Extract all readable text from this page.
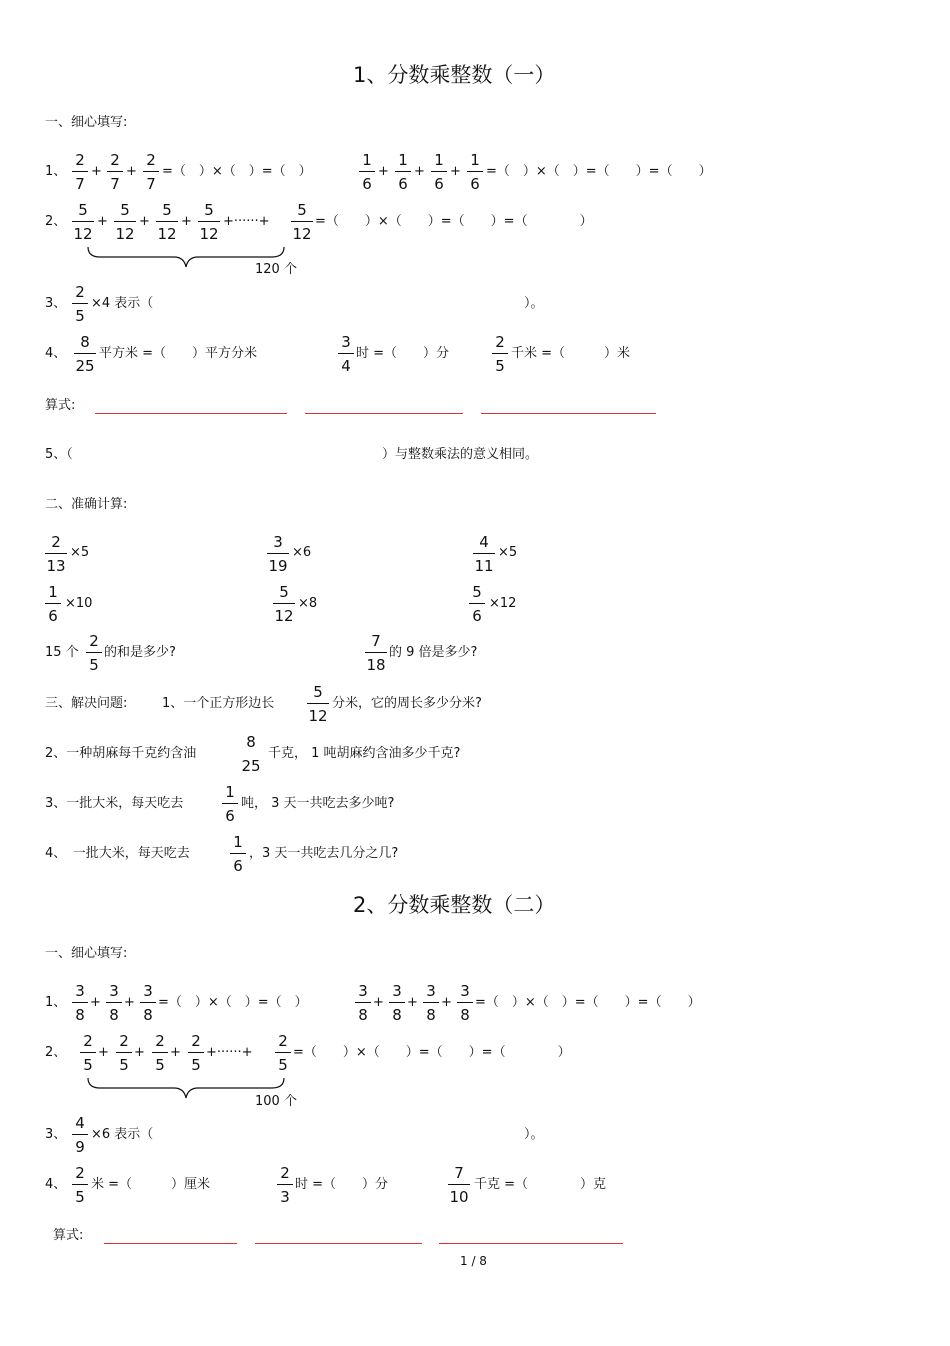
1、分数乘整数（一）
一、细心填写:
1、
2
7
+
2
7
+
2
7
=（　）×（　）=（　）
1
6
+
1
6
+
1
6
+
1
6
=（　）×（　）=（　　）=（　　）
2、
5
12
+
5
12
+
5
12
+
5
12
+······+
5
12
=（　　）×（　　）=（　　）=（　　　　）
120 个
3、
2
5
×4 表示（	）。
4、
8
25
平方米 =（　　）平方分米
3
4
时 =（　　）分
2
5
千米 =（　　　）米
算式:
5、（	）与整数乘法的意义相同。
二、准确计算:
2
13
×5
3
19
×6
4
11
×5
1
6
×10
5
12
×8
5
6
×12
15 个
2
5
的和是多少?
7
18
的 9 倍是多少?
三、解决问题:	1、一个正方形边长
5
12
分米，它的周长多少分米?
2、一种胡麻每千克约含油
8
25
千克， 1 吨胡麻约含油多少千克?
3、一批大米，每天吃去
1
6
吨， 3 天一共吃去多少吨?
4、　一批大米，每天吃去
1
6
，3 天一共吃去几分之几?
2、分数乘整数（二）
一、细心填写:
1、
3
8
+
3
8
+
3
8
=（　）×（　）=（　）
3
8
+
3
8
+
3
8
+
3
8
=（　）×（　）=（　　）=（　　）
2、
2
5
+
2
5
+
2
5
+
2
5
+······+
2
5
=（　　）×（　　）=（　　）=（　　　　）
100 个
3、
4
9
×6 表示（	）。
4、
2
5
米 =（　　　）厘米
2
3
时 =（　　）分
7
10
千克 =（　　　　）克
算式:
1 / 8
